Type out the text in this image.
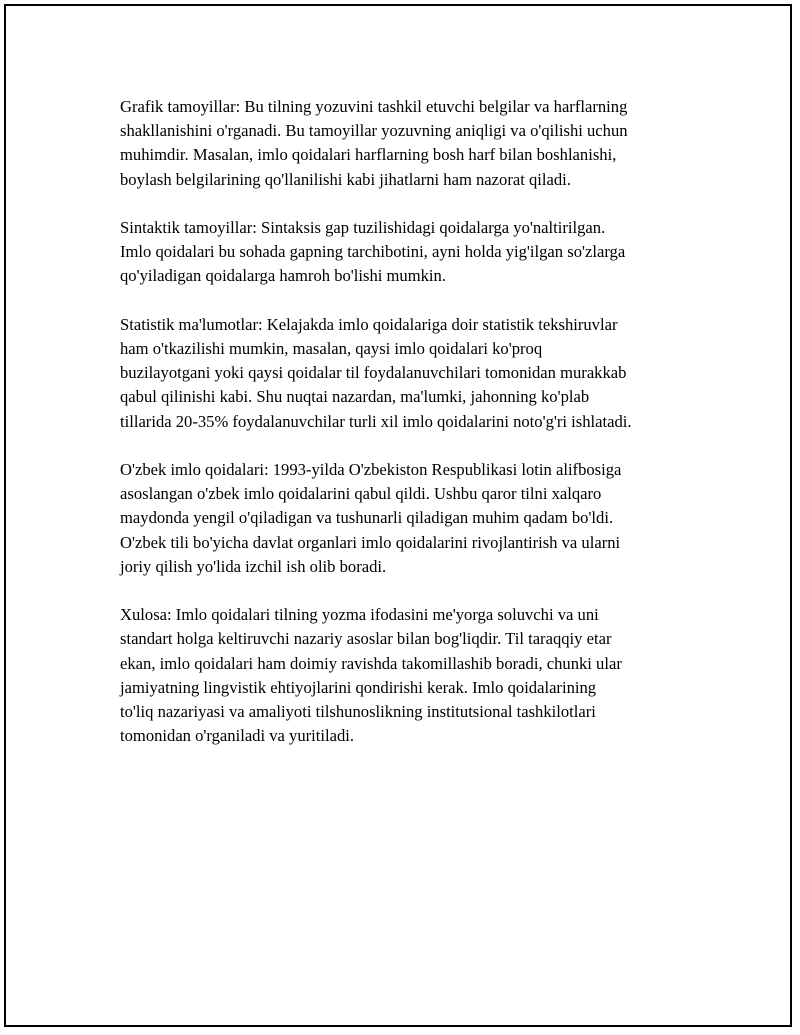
Grafik tamoyillar: Bu tilning yozuvini tashkil etuvchi belgilar va harflarning
shakllanishini o'rganadi. Bu tamoyillar yozuvning aniqligi va o'qilishi uchun
muhimdir. Masalan, imlo qoidalari harflarning bosh harf bilan boshlanishi,
boylash belgilarining qo'llanilishi kabi jihatlarni ham nazorat qiladi.

Sintaktik tamoyillar: Sintaksis gap tuzilishidagi qoidalarga yo'naltirilgan.
Imlo qoidalari bu sohada gapning tarchibotini, ayni holda yig'ilgan so'zlarga
qo'yiladigan qoidalarga hamroh bo'lishi mumkin.

Statistik ma'lumotlar: Kelajakda imlo qoidalariga doir statistik tekshiruvlar
ham o'tkazilishi mumkin, masalan, qaysi imlo qoidalari ko'proq
buzilayotgani yoki qaysi qoidalar til foydalanuvchilari tomonidan murakkab
qabul qilinishi kabi. Shu nuqtai nazardan, ma'lumki, jahonning ko'plab
tillarida 20-35% foydalanuvchilar turli xil imlo qoidalarini noto'g'ri ishlatadi.

O'zbek imlo qoidalari: 1993-yilda O'zbekiston Respublikasi lotin alifbosiga
asoslangan o'zbek imlo qoidalarini qabul qildi. Ushbu qaror tilni xalqaro
maydonda yengil o'qiladigan va tushunarli qiladigan muhim qadam bo'ldi.
O'zbek tili bo'yicha davlat organlari imlo qoidalarini rivojlantirish va ularni
joriy qilish yo'lida izchil ish olib boradi.

Xulosa: Imlo qoidalari tilning yozma ifodasini me'yorga soluvchi va uni
standart holga keltiruvchi nazariy asoslar bilan bog'liqdir. Til taraqqiy etar
ekan, imlo qoidalari ham doimiy ravishda takomillashib boradi, chunki ular
jamiyatning lingvistik ehtiyojlarini qondirishi kerak. Imlo qoidalarining
to'liq nazariyasi va amaliyoti tilshunoslikning institutsional tashkilotlari
tomonidan o'rganiladi va yuritiladi.
